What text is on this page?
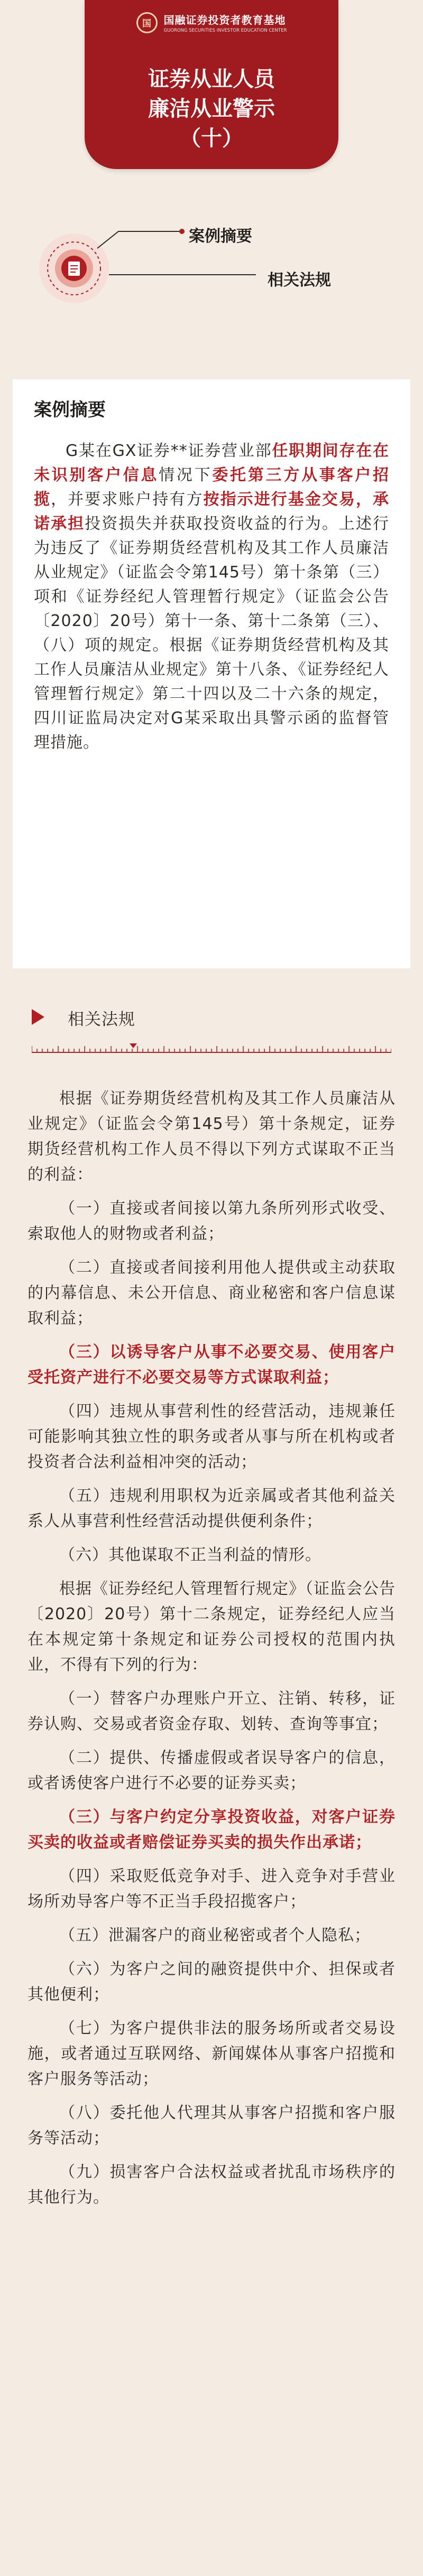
国	国融证券投资者教育基地
GUORONG SECURITIES INVESTOR EDUCATION CENTER
证券从业人员
廉洁从业警示
（十）
案例摘要
相关法规
案例摘要

G某在GX证券**证券营业部任职期间存在在未识别客户信息情况下委托第三方从事客户招揽，并要求账户持有方按指示进行基金交易，承诺承担投资损失并获取投资收益的行为。上述行为违反了《证券期货经营机构及其工作人员廉洁从业规定》（证监会令第145号）第十条第（三）项和《证券经纪人管理暂行规定》（证监会公告〔2020〕20号）第十一条、第十二条第（三）、（八）项的规定。根据《证券期货经营机构及其工作人员廉洁从业规定》第十八条、《证券经纪人管理暂行规定》第二十四以及二十六条的规定，四川证监局决定对G某采取出具警示函的监督管理措施。

相关法规

根据《证券期货经营机构及其工作人员廉洁从业规定》（证监会令第145号）第十条规定，证券期货经营机构工作人员不得以下列方式谋取不正当的利益：

（一）直接或者间接以第九条所列形式收受、索取他人的财物或者利益；

（二）直接或者间接利用他人提供或主动获取的内幕信息、未公开信息、商业秘密和客户信息谋取利益；

（三）以诱导客户从事不必要交易、使用客户受托资产进行不必要交易等方式谋取利益；

（四）违规从事营利性的经营活动，违规兼任可能影响其独立性的职务或者从事与所在机构或者投资者合法利益相冲突的活动；

（五）违规利用职权为近亲属或者其他利益关系人从事营利性经营活动提供便利条件；

（六）其他谋取不正当利益的情形。

根据《证券经纪人管理暂行规定》（证监会公告〔2020〕20号）第十二条规定，证券经纪人应当在本规定第十条规定和证券公司授权的范围内执业，不得有下列的行为：

（一）替客户办理账户开立、注销、转移，证券认购、交易或者资金存取、划转、查询等事宜；

（二）提供、传播虚假或者误导客户的信息，或者诱使客户进行不必要的证券买卖；

（三）与客户约定分享投资收益，对客户证券买卖的收益或者赔偿证券买卖的损失作出承诺；

（四）采取贬低竞争对手、进入竞争对手营业场所劝导客户等不正当手段招揽客户；

（五）泄漏客户的商业秘密或者个人隐私；

（六）为客户之间的融资提供中介、担保或者其他便利；

（七）为客户提供非法的服务场所或者交易设施，或者通过互联网络、新闻媒体从事客户招揽和客户服务等活动；

（八）委托他人代理其从事客户招揽和客户服务等活动；

（九）损害客户合法权益或者扰乱市场秩序的其他行为。
